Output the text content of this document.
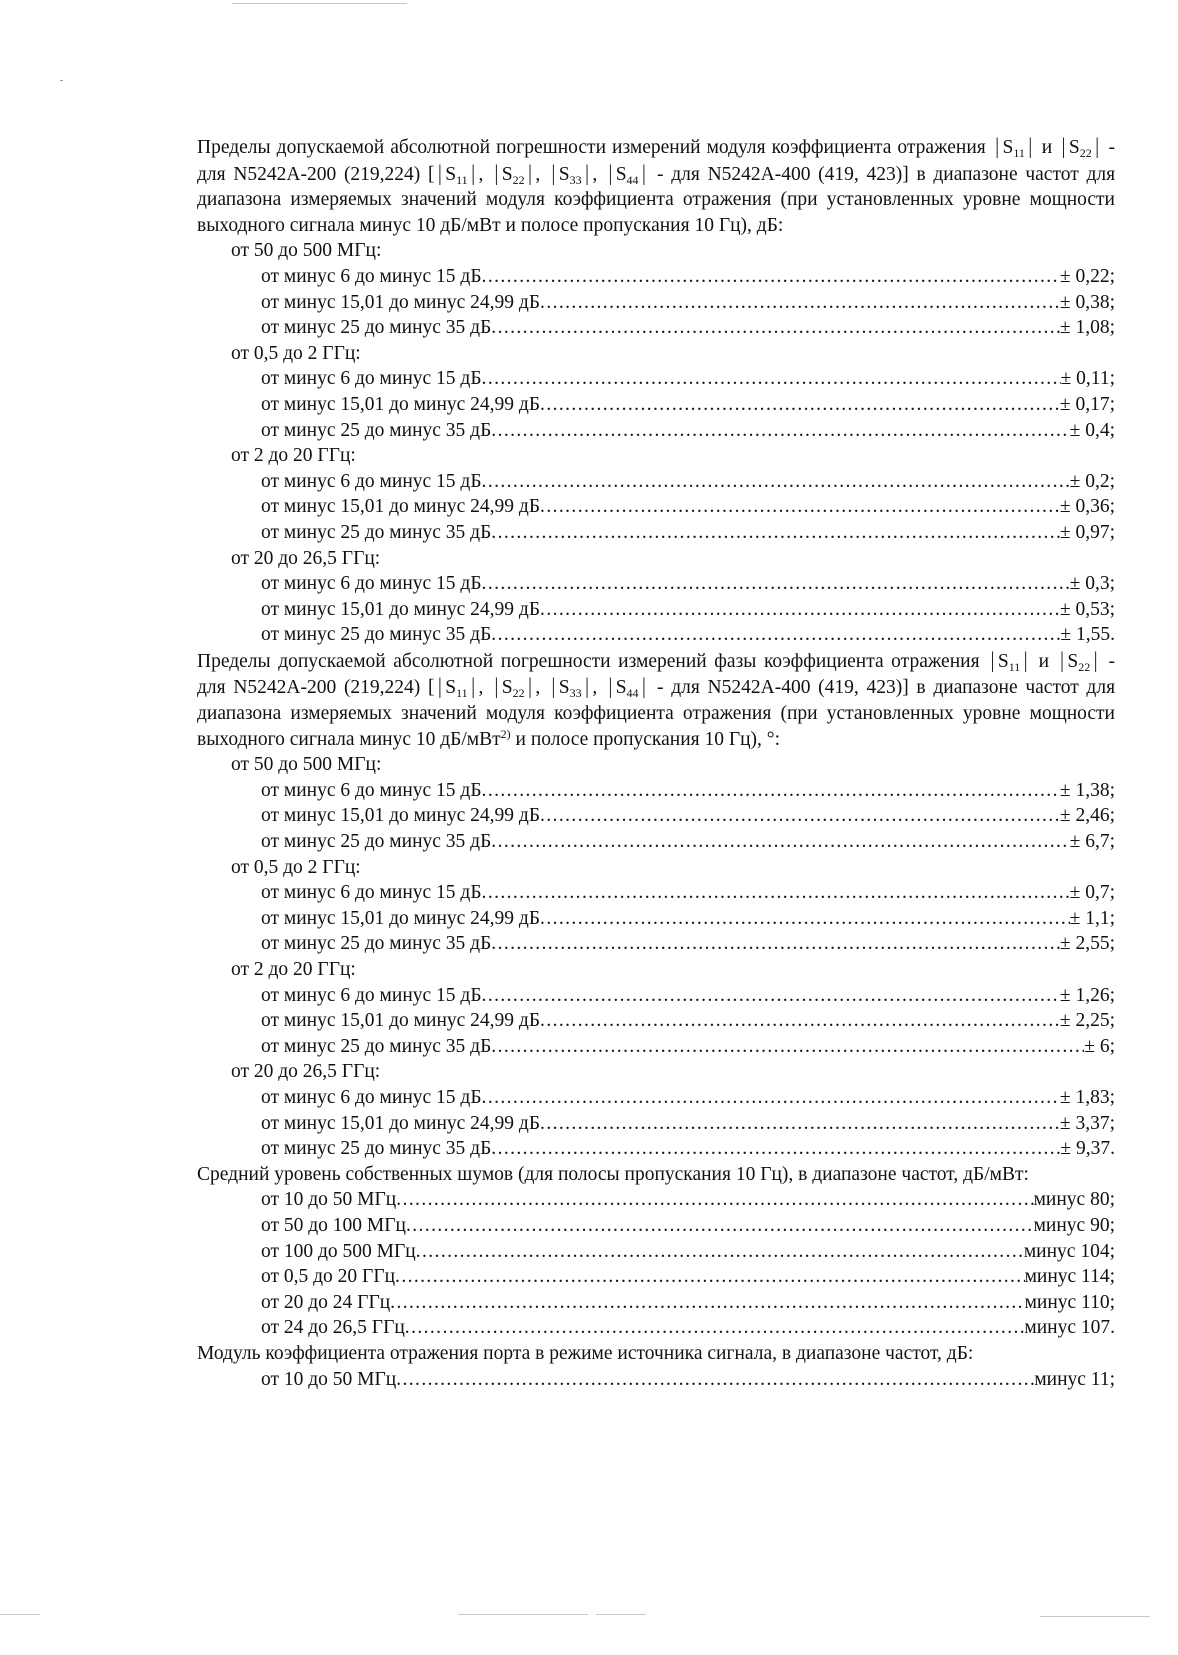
Пределы допускаемой абсолютной погрешности измерений модуля коэффициента отражения | $S_{11}$ | и | $S_{22}$ | - для N5242A-200 (219,224) [ | $S_{11}$ | , | $S_{22}$ | , | $S_{33}$ | , | $S_{44}$ | - для N5242A-400 (419, 423)] в диапазоне частот для диапазона измеряемых значений модуля коэффициента отражения (при установленных уровне мощности выходного сигнала минус 10 дБ/мВт и полосе пропускания 10 Гц), дБ:

от 50 до 500 МГц:
от минус 6 до минус 15 дБ .....	± 0,22;
от минус 15,01 до минус 24,99 дБ .....	± 0,38;
от минус 25 до минус 35 дБ .....	± 1,08;
от 0,5 до 2 ГГц:
от минус 6 до минус 15 дБ .....	± 0,11;
от минус 15,01 до минус 24,99 дБ .....	± 0,17;
от минус 25 до минус 35 дБ .....	± 0,4;
от 2 до 20 ГГц:
от минус 6 до минус 15 дБ .....	± 0,2;
от минус 15,01 до минус 24,99 дБ .....	± 0,36;
от минус 25 до минус 35 дБ .....	± 0,97;
от 20 до 26,5 ГГц:
от минус 6 до минус 15 дБ .....	± 0,3;
от минус 15,01 до минус 24,99 дБ .....	± 0,53;
от минус 25 до минус 35 дБ .....	± 1,55.

Пределы допускаемой абсолютной погрешности измерений фазы коэффициента отражения | $S_{11}$ | и | $S_{22}$ | - для N5242A-200 (219,224) [ | $S_{11}$ | , | $S_{22}$ | , | $S_{33}$ | , | $S_{44}$ | - для N5242A-400 (419, 423)] в диапазоне частот для диапазона измеряемых значений модуля коэффициента отражения (при установленных уровне мощности выходного сигнала минус 10 дБ/мВт$^{2)}$ и полосе пропускания 10 Гц), °:

от 50 до 500 МГц:
от минус 6 до минус 15 дБ .....	± 1,38;
от минус 15,01 до минус 24,99 дБ .....	± 2,46;
от минус 25 до минус 35 дБ .....	± 6,7;
от 0,5 до 2 ГГц:
от минус 6 до минус 15 дБ .....	± 0,7;
от минус 15,01 до минус 24,99 дБ .....	± 1,1;
от минус 25 до минус 35 дБ .....	± 2,55;
от 2 до 20 ГГц:
от минус 6 до минус 15 дБ .....	± 1,26;
от минус 15,01 до минус 24,99 дБ .....	± 2,25;
от минус 25 до минус 35 дБ .....	± 6;
от 20 до 26,5 ГГц:
от минус 6 до минус 15 дБ .....	± 1,83;
от минус 15,01 до минус 24,99 дБ .....	± 3,37;
от минус 25 до минус 35 дБ .....	± 9,37.

Средний уровень собственных шумов (для полосы пропускания 10 Гц), в диапазоне частот, дБ/мВт:

от 10 до 50 МГц .....	минус 80;
от 50 до 100 МГц .....	минус 90;
от 100 до 500 МГц .....	минус 104;
от 0,5 до 20 ГГц .....	минус 114;
от 20 до 24 ГГц .....	минус 110;
от 24 до 26,5 ГГц .....	минус 107.

Модуль коэффициента отражения порта в режиме источника сигнала, в диапазоне частот, дБ:

от 10 до 50 МГц .....	минус 11;
